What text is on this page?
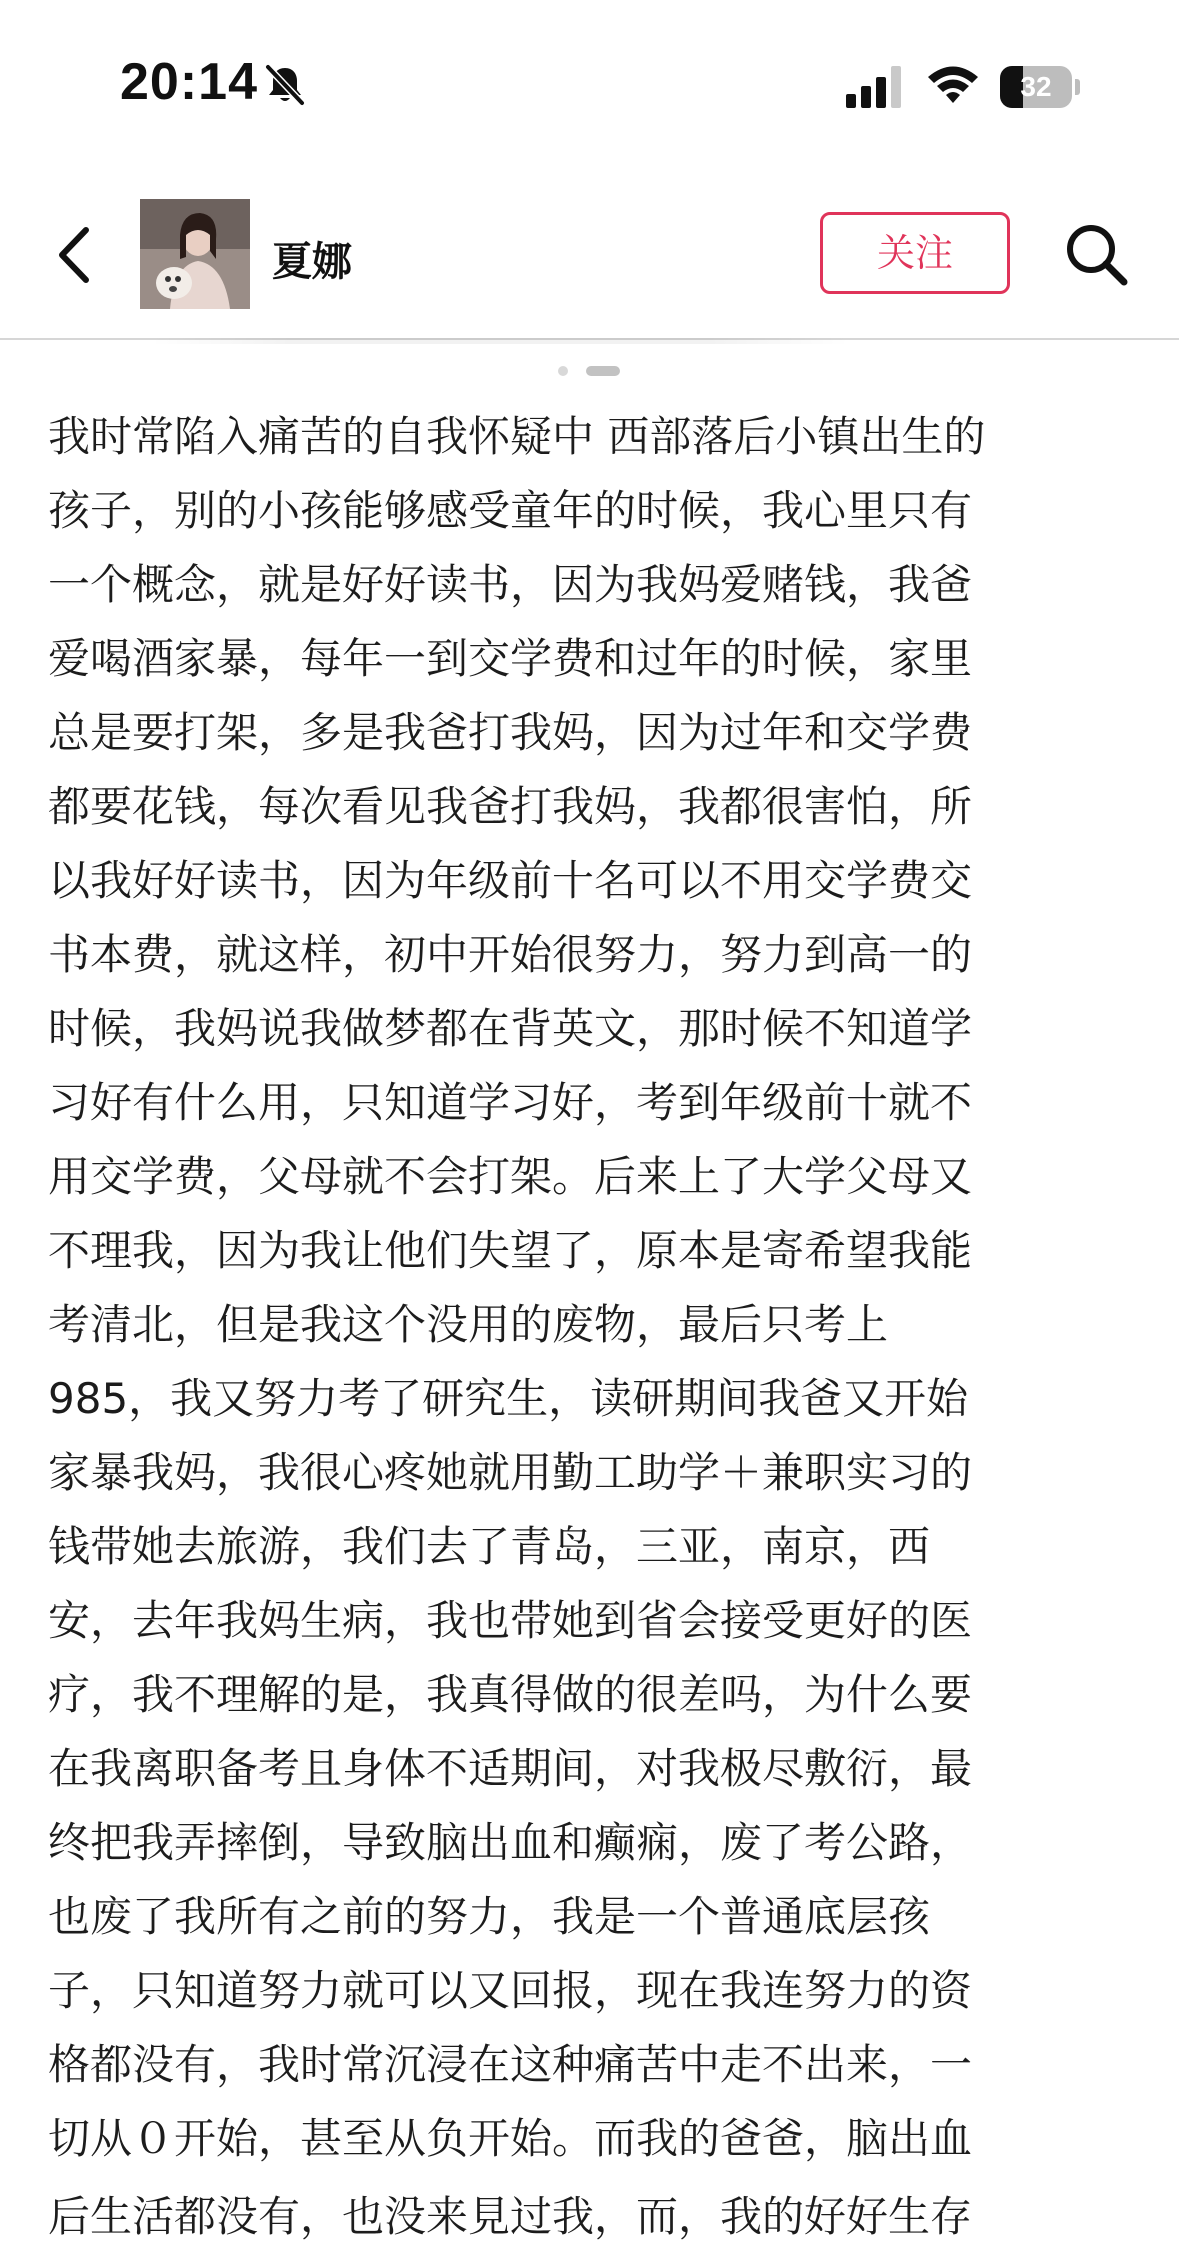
20:14	32
夏娜	关注
我时常陷入痛苦的自我怀疑中 西部落后小镇出生的
孩子，别的小孩能够感受童年的时候，我心里只有
一个概念，就是好好读书，因为我妈爱赌钱，我爸
爱喝酒家暴，每年一到交学费和过年的时候，家里
总是要打架，多是我爸打我妈，因为过年和交学费
都要花钱，每次看见我爸打我妈，我都很害怕，所
以我好好读书，因为年级前十名可以不用交学费交
书本费，就这样，初中开始很努力，努力到高一的
时候，我妈说我做梦都在背英文，那时候不知道学
习好有什么用，只知道学习好，考到年级前十就不
用交学费，父母就不会打架。后来上了大学父母又
不理我，因为我让他们失望了，原本是寄希望我能
考清北，但是我这个没用的废物，最后只考上
985，我又努力考了研究生，读研期间我爸又开始
家暴我妈，我很心疼她就用勤工助学＋兼职实习的
钱带她去旅游，我们去了青岛，三亚，南京，西
安，去年我妈生病，我也带她到省会接受更好的医
疗，我不理解的是，我真得做的很差吗，为什么要
在我离职备考且身体不适期间，对我极尽敷衍，最
终把我弄摔倒，导致脑出血和癫痫，废了考公路，
也废了我所有之前的努力，我是一个普通底层孩
子，只知道努力就可以又回报，现在我连努力的资
格都没有，我时常沉浸在这种痛苦中走不出来，一
切从０开始，甚至从负开始。而我的爸爸，脑出血
后生活都没有，也没来見过我，而，我的好好生存
